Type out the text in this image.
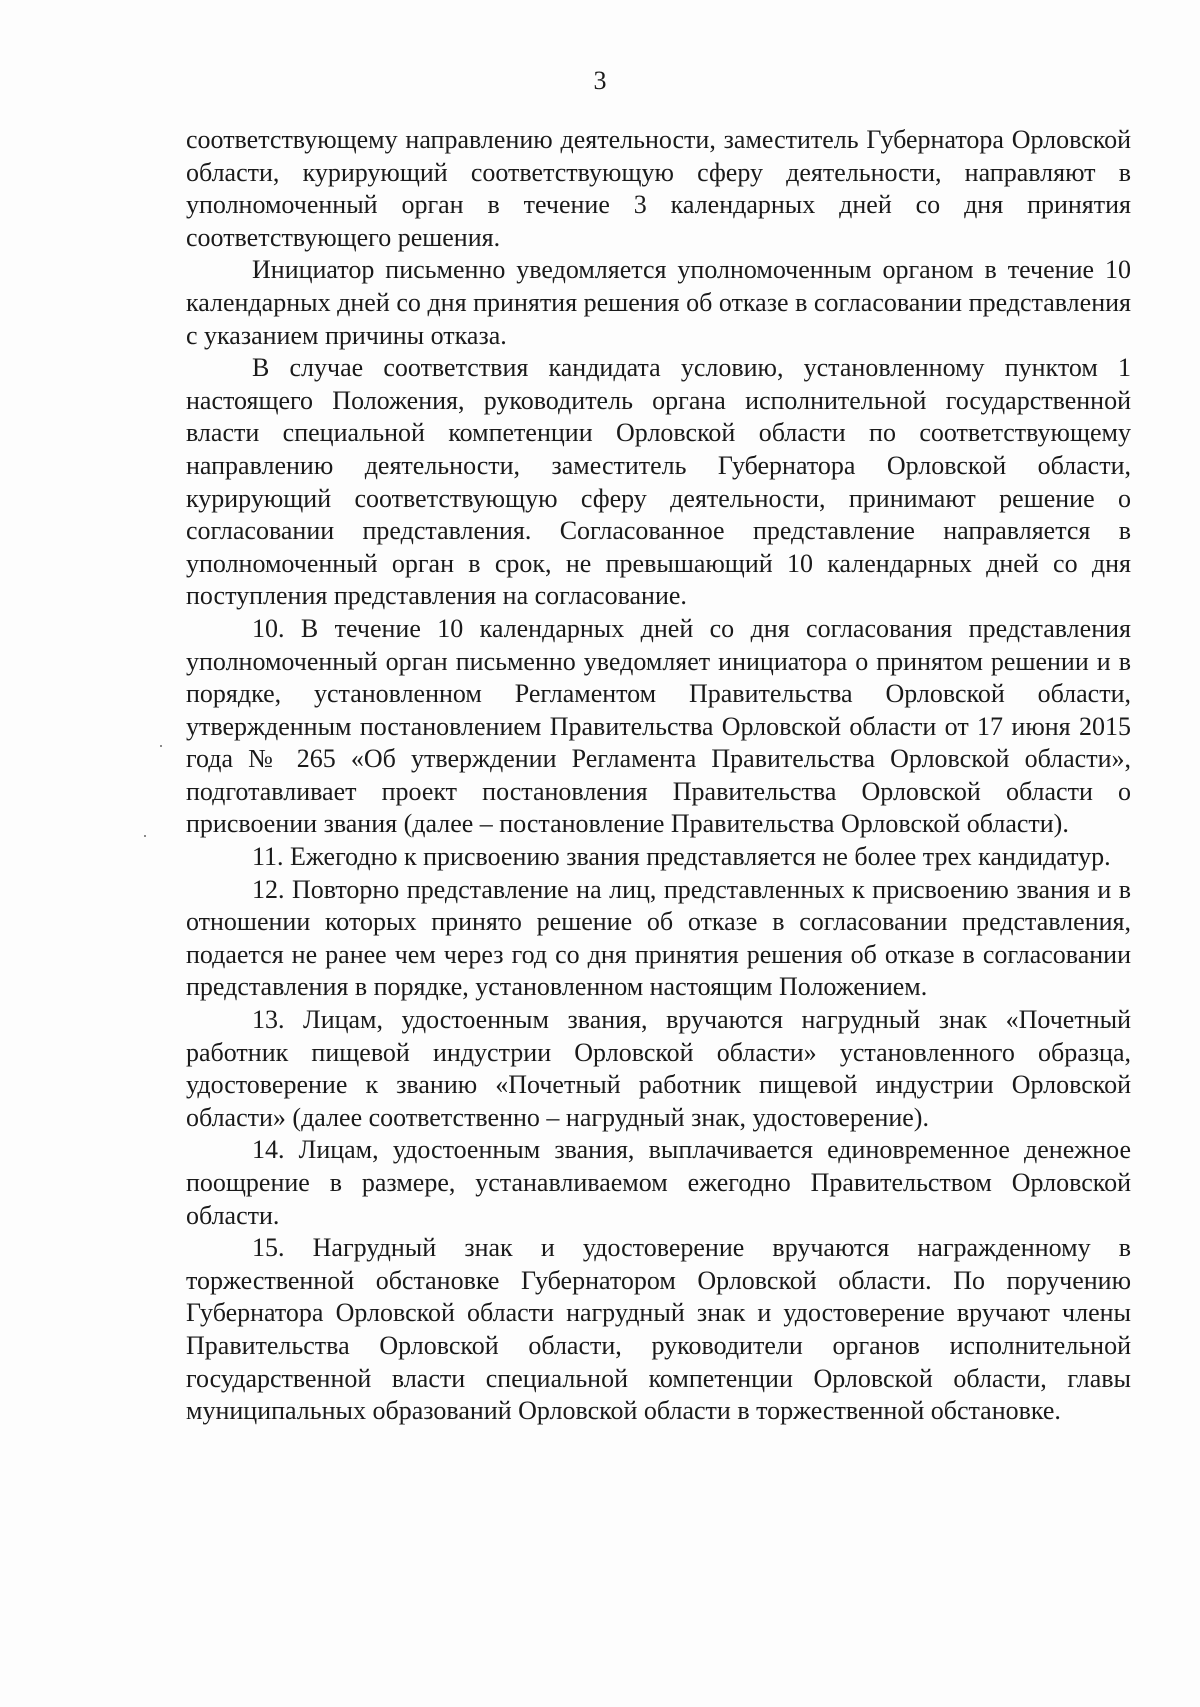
3

соответствующему направлению деятельности, заместитель Губернатора Орловской области, курирующий соответствующую сферу деятельности, направляют в уполномоченный орган в течение 3 календарных дней со дня принятия соответствующего решения.

Инициатор письменно уведомляется уполномоченным органом в течение 10 календарных дней со дня принятия решения об отказе в согласовании представления с указанием причины отказа.

В случае соответствия кандидата условию, установленному пунктом 1 настоящего Положения, руководитель органа исполнительной государственной власти специальной компетенции Орловской области по соответствующему направлению деятельности, заместитель Губернатора Орловской области, курирующий соответствующую сферу деятельности, принимают решение о согласовании представления. Согласованное представление направляется в уполномоченный орган в срок, не превышающий 10 календарных дней со дня поступления представления на согласование.

10. В течение 10 календарных дней со дня согласования представления уполномоченный орган письменно уведомляет инициатора о принятом решении и в порядке, установленном Регламентом Правительства Орловской области, утвержденным постановлением Правительства Орловской области от 17 июня 2015 года № 265 «Об утверждении Регламента Правительства Орловской области», подготавливает проект постановления Правительства Орловской области о присвоении звания (далее – постановление Правительства Орловской области).

11. Ежегодно к присвоению звания представляется не более трех кандидатур.

12. Повторно представление на лиц, представленных к присвоению звания и в отношении которых принято решение об отказе в согласовании представления, подается не ранее чем через год со дня принятия решения об отказе в согласовании представления в порядке, установленном настоящим Положением.

13. Лицам, удостоенным звания, вручаются нагрудный знак «Почетный работник пищевой индустрии Орловской области» установленного образца, удостоверение к званию «Почетный работник пищевой индустрии Орловской области» (далее соответственно – нагрудный знак, удостоверение).

14. Лицам, удостоенным звания, выплачивается единовременное денежное поощрение в размере, устанавливаемом ежегодно Правительством Орловской области.

15. Нагрудный знак и удостоверение вручаются награжденному в торжественной обстановке Губернатором Орловской области. По поручению Губернатора Орловской области нагрудный знак и удостоверение вручают члены Правительства Орловской области, руководители органов исполнительной государственной власти специальной компетенции Орловской области, главы муниципальных образований Орловской области в торжественной обстановке.
